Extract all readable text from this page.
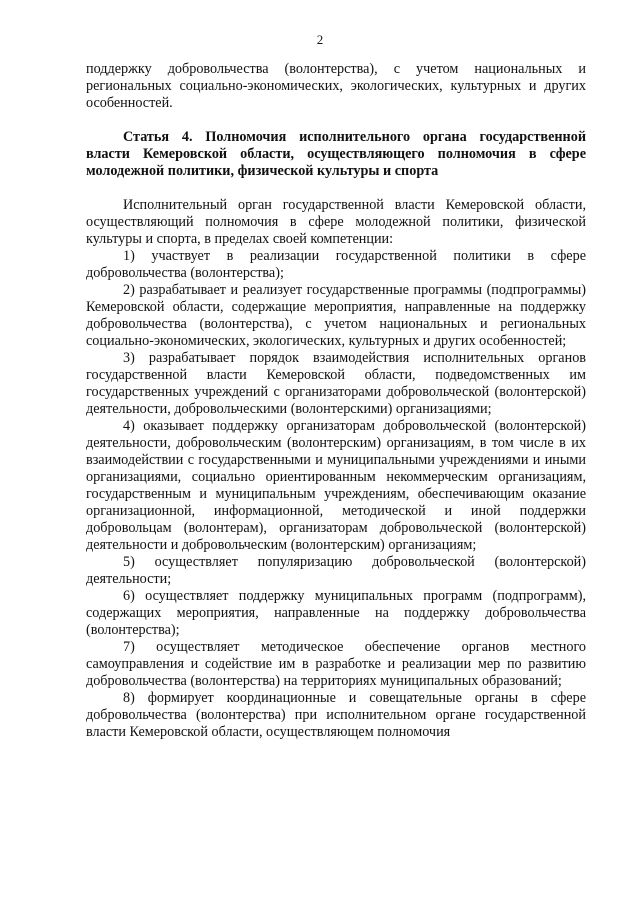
2

поддержку добровольчества (волонтерства), с учетом национальных и региональных социально-экономических, экологических, культурных и других особенностей.

Статья 4. Полномочия исполнительного органа государственной власти Кемеровской области, осуществляющего полномочия в сфере молодежной политики, физической культуры и спорта

Исполнительный орган государственной власти Кемеровской области, осуществляющий полномочия в сфере молодежной политики, физической культуры и спорта, в пределах своей компетенции:

1) участвует в реализации государственной политики в сфере добровольчества (волонтерства);

2) разрабатывает и реализует государственные программы (подпрограммы) Кемеровской области, содержащие мероприятия, направленные на поддержку добровольчества (волонтерства), с учетом национальных и региональных социально-экономических, экологических, культурных и других особенностей;

3) разрабатывает порядок взаимодействия исполнительных органов государственной власти Кемеровской области, подведомственных им государственных учреждений с организаторами добровольческой (волонтерской) деятельности, добровольческими (волонтерскими) организациями;

4) оказывает поддержку организаторам добровольческой (волонтерской) деятельности, добровольческим (волонтерским) организациям, в том числе в их взаимодействии с государственными и муниципальными учреждениями и иными организациями, социально ориентированным некоммерческим организациям, государственным и муниципальным учреждениям, обеспечивающим оказание организационной, информационной, методической и иной поддержки добровольцам (волонтерам), организаторам добровольческой (волонтерской) деятельности и добровольческим (волонтерским) организациям;

5) осуществляет популяризацию добровольческой (волонтерской) деятельности;

6) осуществляет поддержку муниципальных программ (подпрограмм), содержащих мероприятия, направленные на поддержку добровольчества (волонтерства);

7) осуществляет методическое обеспечение органов местного самоуправления и содействие им в разработке и реализации мер по развитию добровольчества (волонтерства) на территориях муниципальных образований;

8) формирует координационные и совещательные органы в сфере добровольчества (волонтерства) при исполнительном органе государственной власти Кемеровской области, осуществляющем полномочия
